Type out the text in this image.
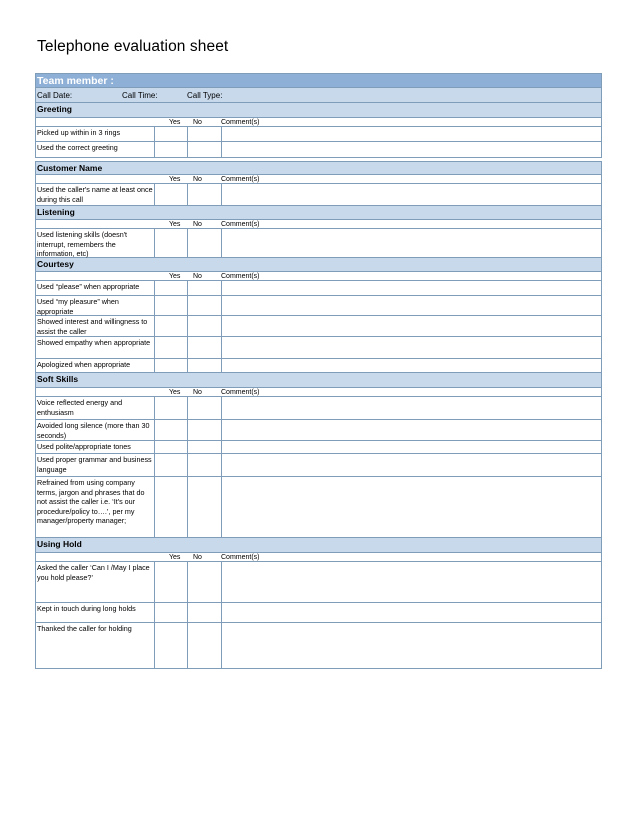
Telephone evaluation sheet
Team member :
Call Date:	Call Time:	Call Type:
Greeting
Yes No	Comment(s)
Picked up within in 3 rings
Used the correct greeting
Customer Name
Yes No	Comment(s)
Used the caller's name at least once during this call
Listening
Yes No	Comment(s)
Used listening skills (doesn't interrupt, remembers the information, etc)
Courtesy
Yes No	Comment(s)
Used “please” when appropriate
Used “my pleasure” when appropriate
Showed interest and willingness to assist the caller
Showed empathy when appropriate
Apologized when appropriate
Soft Skills
Yes No	Comment(s)
Voice reflected energy and enthusiasm
Avoided long silence (more than 30 seconds)
Used polite/appropriate tones
Used proper grammar and business language
Refrained from using company terms, jargon and phrases that do not assist the caller i.e. ‘It's our procedure/policy to….’, per my manager/property manager;
Using Hold
Yes No	Comment(s)
Asked the caller ‘Can I /May I place you hold please?’
Kept in touch during long holds
Thanked the caller for holding
